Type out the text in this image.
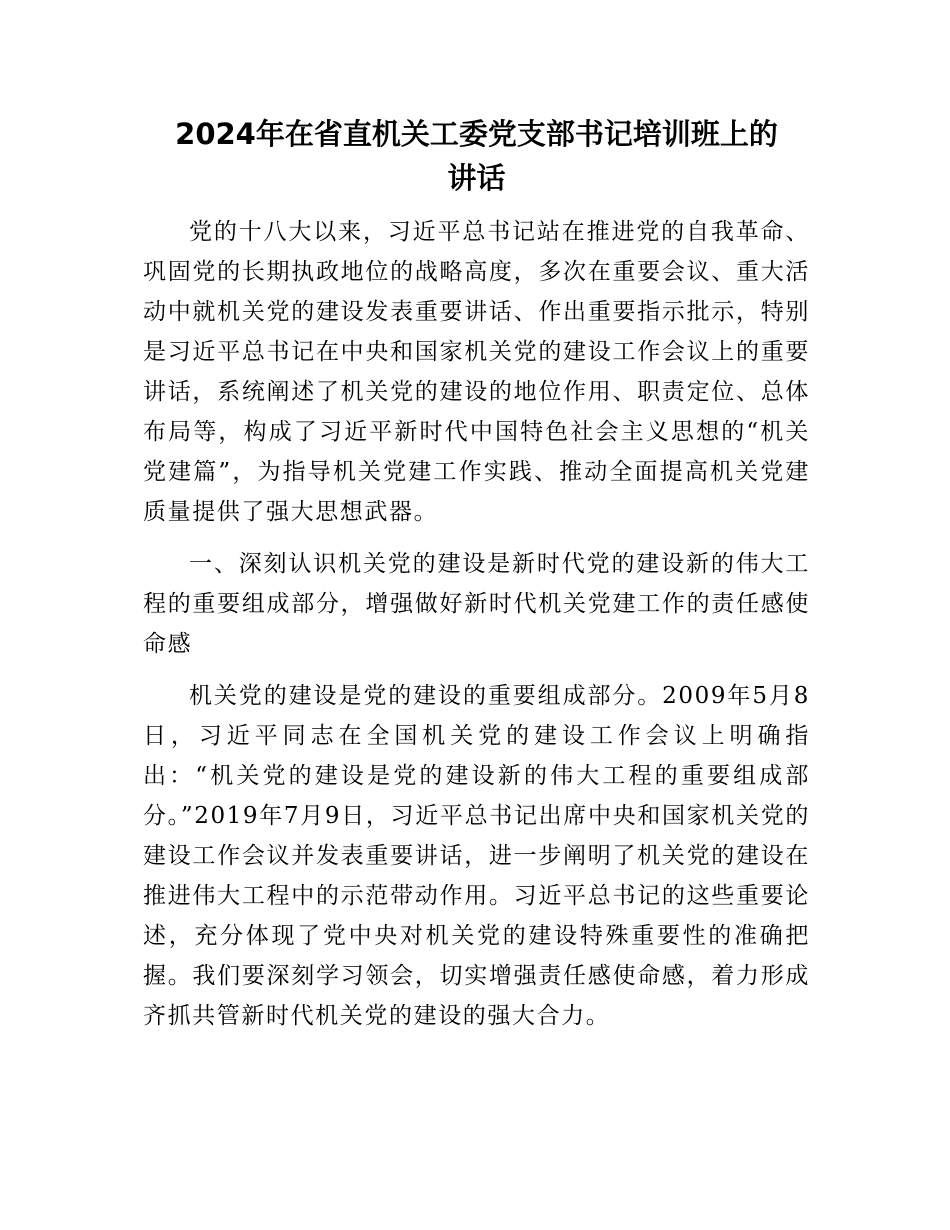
2024年在省直机关工委党支部书记培训班上的
讲话

党的十八大以来，习近平总书记站在推进党的自我革命、巩固党的长期执政地位的战略高度，多次在重要会议、重大活动中就机关党的建设发表重要讲话、作出重要指示批示，特别是习近平总书记在中央和国家机关党的建设工作会议上的重要讲话，系统阐述了机关党的建设的地位作用、职责定位、总体布局等，构成了习近平新时代中国特色社会主义思想的“机关党建篇”，为指导机关党建工作实践、推动全面提高机关党建质量提供了强大思想武器。

一、深刻认识机关党的建设是新时代党的建设新的伟大工程的重要组成部分，增强做好新时代机关党建工作的责任感使命感

机关党的建设是党的建设的重要组成部分。2009年5月8日，习近平同志在全国机关党的建设工作会议上明确指出：“机关党的建设是党的建设新的伟大工程的重要组成部分。”2019年7月9日，习近平总书记出席中央和国家机关党的建设工作会议并发表重要讲话，进一步阐明了机关党的建设在推进伟大工程中的示范带动作用。习近平总书记的这些重要论述，充分体现了党中央对机关党的建设特殊重要性的准确把握。我们要深刻学习领会，切实增强责任感使命感，着力形成齐抓共管新时代机关党的建设的强大合力。
